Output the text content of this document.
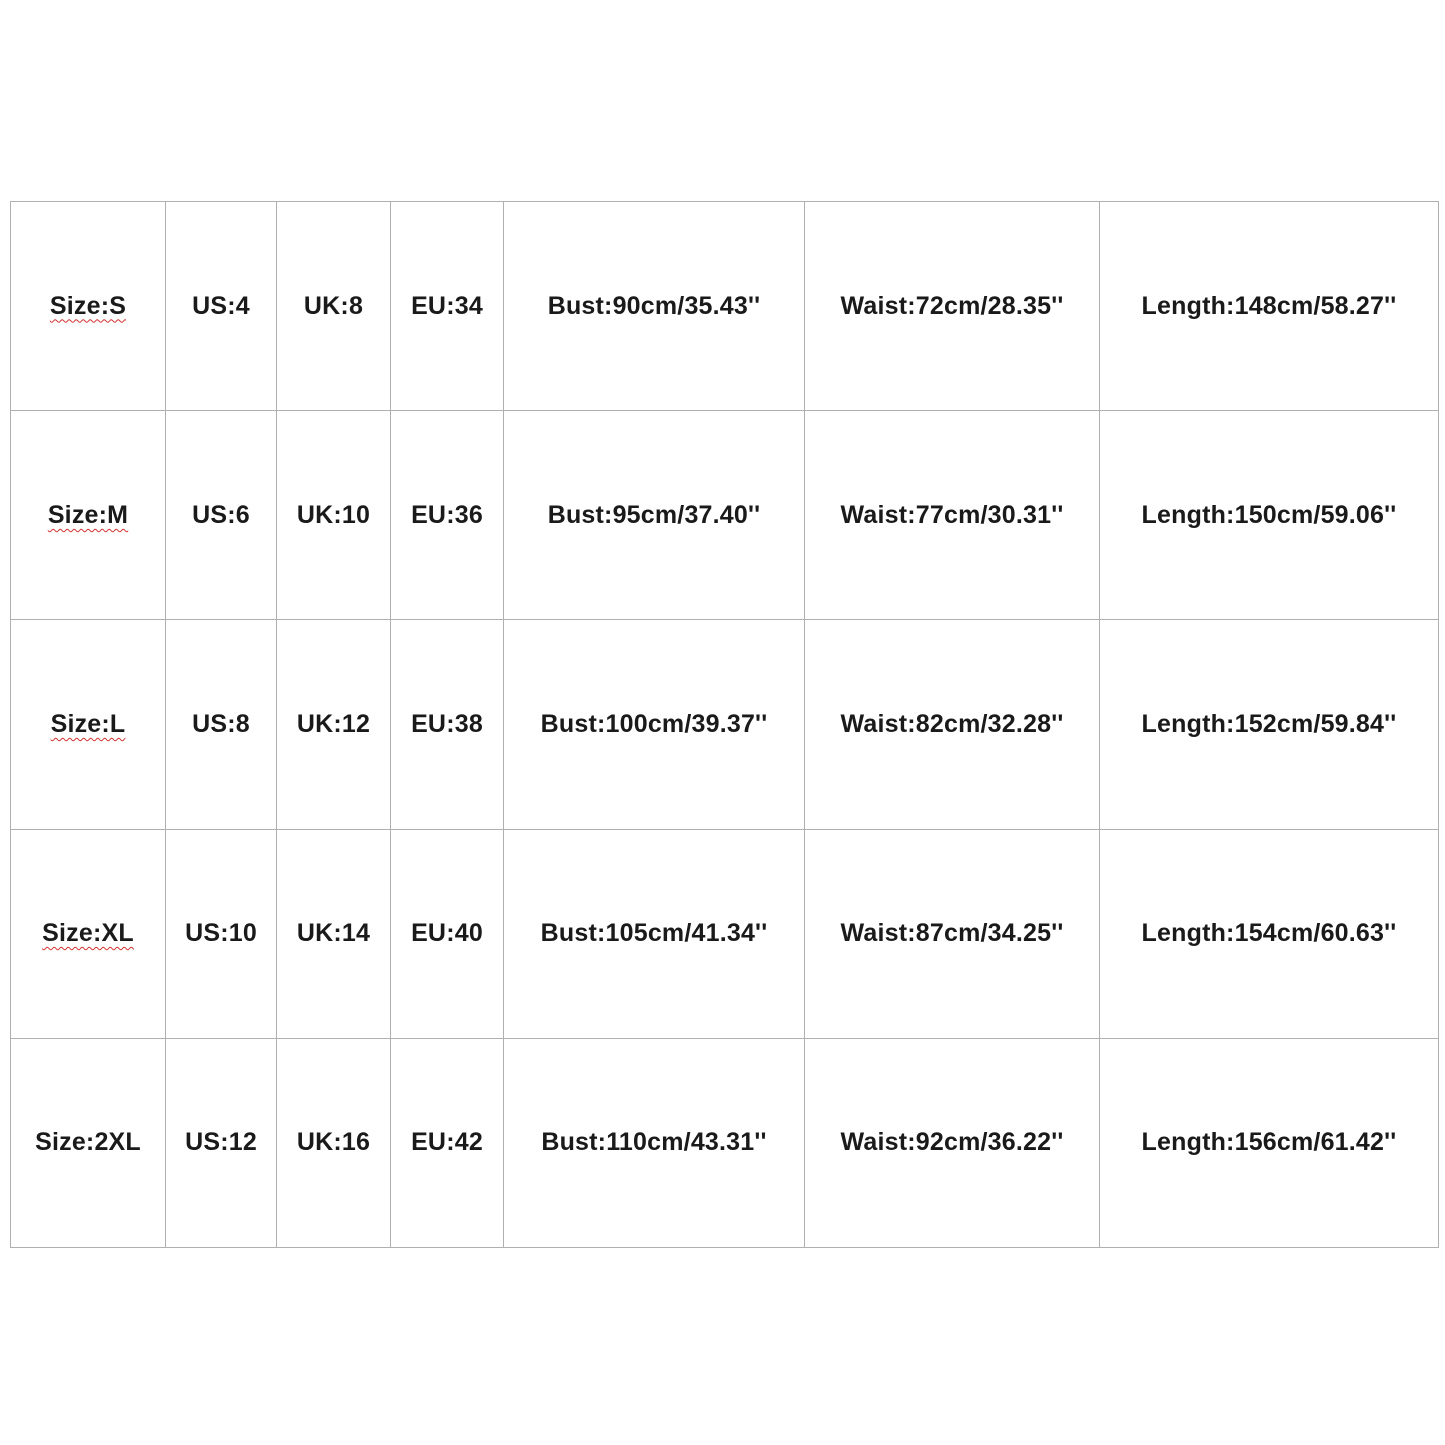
Size:S	US:4	UK:8	EU:34	Bust:90cm/35.43''	Waist:72cm/28.35''	Length:148cm/58.27''
Size:M	US:6	UK:10	EU:36	Bust:95cm/37.40''	Waist:77cm/30.31''	Length:150cm/59.06''
Size:L	US:8	UK:12	EU:38	Bust:100cm/39.37''	Waist:82cm/32.28''	Length:152cm/59.84''
Size:XL	US:10	UK:14	EU:40	Bust:105cm/41.34''	Waist:87cm/34.25''	Length:154cm/60.63''
Size:2XL	US:12	UK:16	EU:42	Bust:110cm/43.31''	Waist:92cm/36.22''	Length:156cm/61.42''
